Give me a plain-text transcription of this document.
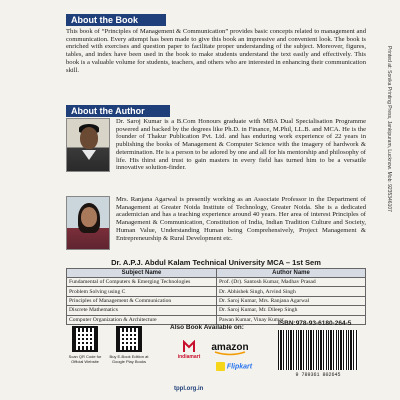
About the Book
This book of “Principles of Management & Communication” provides basic concepts related to management and communication. Every attempt has been made to give this book an impressive and convenient look. The book is enriched with exercises and question paper to facilitate proper understanding of the subject. Moreover, figures, tables, and index have been used in the book to make students understand the text easily and effectively. This book is a valuable volume for students, teachers, and others who are interested in enhancing their communication skill.
About the Author
Dr. Saroj Kumar is a B.Com Honours graduate with MBA Dual Specialisation Programme powered and backed by the degrees like Ph.D. in Finance, M.Phil, LL.B. and MCA. He is the founder of Thakur Publication Pvt. Ltd. and has enduring work experience of 22 years in publishing the books of Management & Computer Science with the imagery of hardwork & determination. He is a person to be adored by one and all for his mentorship and philosophy of life. His thirst and trust to gain masters in every field has turned him to be a versatile innovative solution-finder.
Mrs. Ranjana Agarwal is presently working as an Associate Professor in the Department of Management at Greater Noida Institute of Technology, Greater Noida. She is a dedicated academician and has a teaching experience around 40 years. Her area of interest Principles of Management & Communication, Constitution of India, Indian Tradition Culture and Society, Human Value, Understanding Human being Comprehensively, Project Management & Entrepreneurship & Rural Development etc.
Printed at: Sonika Printing Press, Jankipuram, Lucknow. Mob: 9235346107
Dr. A.P.J. Abdul Kalam Technical University MCA – 1st Sem
Subject Name	Author Name
Fundamental of Computers & Emerging Technologies	Prof. (Dr). Santosh Kumar, Madhav Prasad
Problem Solving using C	Dr. Abhishek Singh, Arvind Singh
Principles of Management & Communication	Dr. Saroj Kumar, Mrs. Ranjana Agarwal
Discrete Mathematics	Dr. Saroj Kumar, Mr. Dileep Singh
Computer Organization & Architecture	Pawan Kumar, Vinay Kumar
Scan QR Code for Official Website
Buy E-Book Edition at Google Play Books
Also Book Available on:
indiamart
amazon
Flipkart
tppl.org.in
ISBN:978-93-6180-264-5
9 789361 802645
